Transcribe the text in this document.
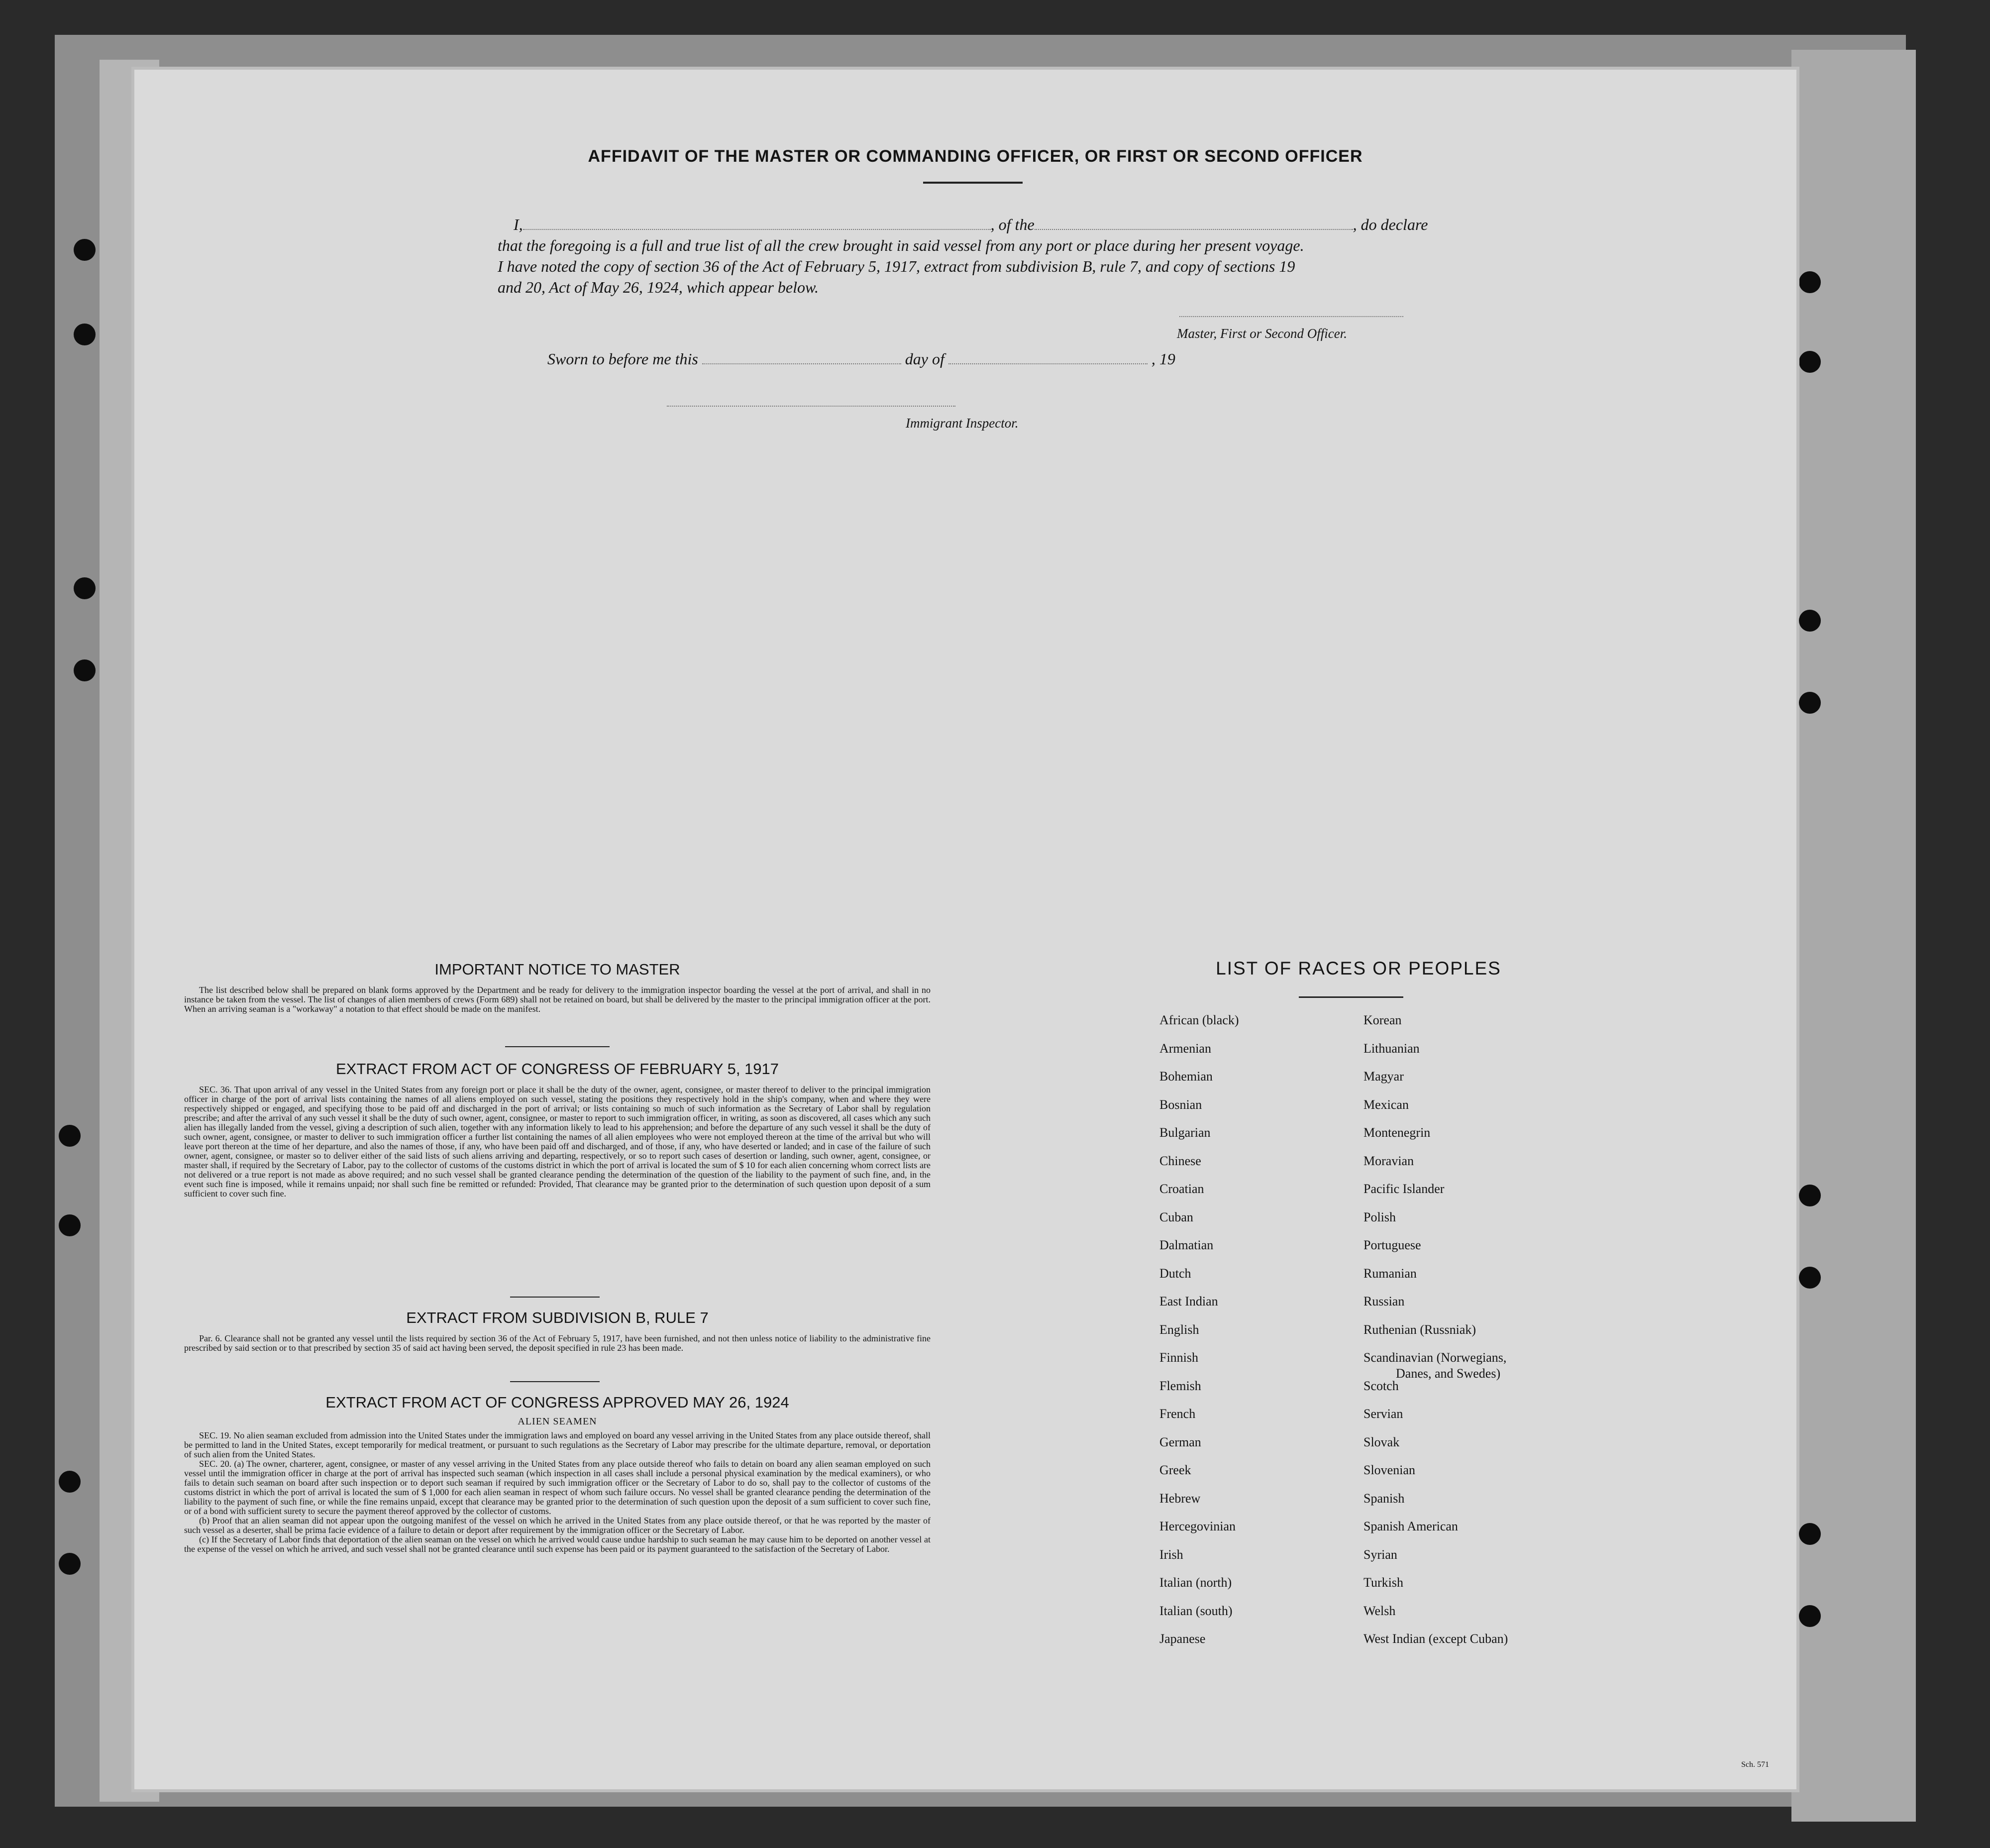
AFFIDAVIT OF THE MASTER OR COMMANDING OFFICER, OR FIRST OR SECOND OFFICER
I,	, of the	, do declare
that the foregoing is a full and true list of all the crew brought in said vessel from any port or place during her present voyage.
I have noted the copy of section 36 of the Act of February 5, 1917, extract from subdivision B, rule 7, and copy of sections 19
and 20, Act of May 26, 1924, which appear below.
Master, First or Second Officer.
Sworn to before me this	day of	, 19
Immigrant Inspector.
IMPORTANT NOTICE TO MASTER

The list described below shall be prepared on blank forms approved by the Department and be ready for delivery to the immigration inspector boarding the vessel at the port of arrival, and shall in no instance be taken from the vessel. The list of changes of alien members of crews (Form 689) shall not be retained on board, but shall be delivered by the master to the principal immigration officer at the port. When an arriving seaman is a "workaway" a notation to that effect should be made on the manifest.

EXTRACT FROM ACT OF CONGRESS OF FEBRUARY 5, 1917

SEC. 36. That upon arrival of any vessel in the United States from any foreign port or place it shall be the duty of the owner, agent, consignee, or master thereof to deliver to the principal immigration officer in charge of the port of arrival lists containing the names of all aliens employed on such vessel, stating the positions they respectively hold in the ship's company, when and where they were respectively shipped or engaged, and specifying those to be paid off and discharged in the port of arrival; or lists containing so much of such information as the Secretary of Labor shall by regulation prescribe; and after the arrival of any such vessel it shall be the duty of such owner, agent, consignee, or master to report to such immigration officer, in writing, as soon as discovered, all cases which any such alien has illegally landed from the vessel, giving a description of such alien, together with any information likely to lead to his apprehension; and before the departure of any such vessel it shall be the duty of such owner, agent, consignee, or master to deliver to such immigration officer a further list containing the names of all alien employees who were not employed thereon at the time of the arrival but who will leave port thereon at the time of her departure, and also the names of those, if any, who have been paid off and discharged, and of those, if any, who have deserted or landed; and in case of the failure of such owner, agent, consignee, or master so to deliver either of the said lists of such aliens arriving and departing, respectively, or so to report such cases of desertion or landing, such owner, agent, consignee, or master shall, if required by the Secretary of Labor, pay to the collector of customs of the customs district in which the port of arrival is located the sum of $ 10 for each alien concerning whom correct lists are not delivered or a true report is not made as above required; and no such vessel shall be granted clearance pending the determination of the question of the liability to the payment of such fine, and, in the event such fine is imposed, while it remains unpaid; nor shall such fine be remitted or refunded: Provided, That clearance may be granted prior to the determination of such question upon deposit of a sum sufficient to cover such fine.

EXTRACT FROM SUBDIVISION B, RULE 7

Par. 6. Clearance shall not be granted any vessel until the lists required by section 36 of the Act of February 5, 1917, have been furnished, and not then unless notice of liability to the administrative fine prescribed by said section or to that prescribed by section 35 of said act having been served, the deposit specified in rule 23 has been made.

EXTRACT FROM ACT OF CONGRESS APPROVED MAY 26, 1924
ALIEN SEAMEN

SEC. 19. No alien seaman excluded from admission into the United States under the immigration laws and employed on board any vessel arriving in the United States from any place outside thereof, shall be permitted to land in the United States, except temporarily for medical treatment, or pursuant to such regulations as the Secretary of Labor may prescribe for the ultimate departure, removal, or deportation of such alien from the United States.

SEC. 20. (a) The owner, charterer, agent, consignee, or master of any vessel arriving in the United States from any place outside thereof who fails to detain on board any alien seaman employed on such vessel until the immigration officer in charge at the port of arrival has inspected such seaman (which inspection in all cases shall include a personal physical examination by the medical examiners), or who fails to detain such seaman on board after such inspection or to deport such seaman if required by such immigration officer or the Secretary of Labor to do so, shall pay to the collector of customs of the customs district in which the port of arrival is located the sum of $ 1,000 for each alien seaman in respect of whom such failure occurs. No vessel shall be granted clearance pending the determination of the liability to the payment of such fine, or while the fine remains unpaid, except that clearance may be granted prior to the determination of such question upon the deposit of a sum sufficient to cover such fine, or of a bond with sufficient surety to secure the payment thereof approved by the collector of customs.

(b) Proof that an alien seaman did not appear upon the outgoing manifest of the vessel on which he arrived in the United States from any place outside thereof, or that he was reported by the master of such vessel as a deserter, shall be prima facie evidence of a failure to detain or deport after requirement by the immigration officer or the Secretary of Labor.

(c) If the Secretary of Labor finds that deportation of the alien seaman on the vessel on which he arrived would cause undue hardship to such seaman he may cause him to be deported on another vessel at the expense of the vessel on which he arrived, and such vessel shall not be granted clearance until such expense has been paid or its payment guaranteed to the satisfaction of the Secretary of Labor.

LIST OF RACES OR PEOPLES
African (black)
Armenian
Bohemian
Bosnian
Bulgarian
Chinese
Croatian
Cuban
Dalmatian
Dutch
East Indian
English
Finnish
Flemish
French
German
Greek
Hebrew
Hercegovinian
Irish
Italian (north)
Italian (south)
Japanese
Korean
Lithuanian
Magyar
Mexican
Montenegrin
Moravian
Pacific Islander
Polish
Portuguese
Rumanian
Russian
Ruthenian (Russniak)
Scandinavian (Norwegians,
Scotch
Servian
Slovak
Slovenian
Spanish
Spanish American
Syrian
Turkish
Welsh
West Indian (except Cuban)
Danes, and Swedes)
Sch. 571
